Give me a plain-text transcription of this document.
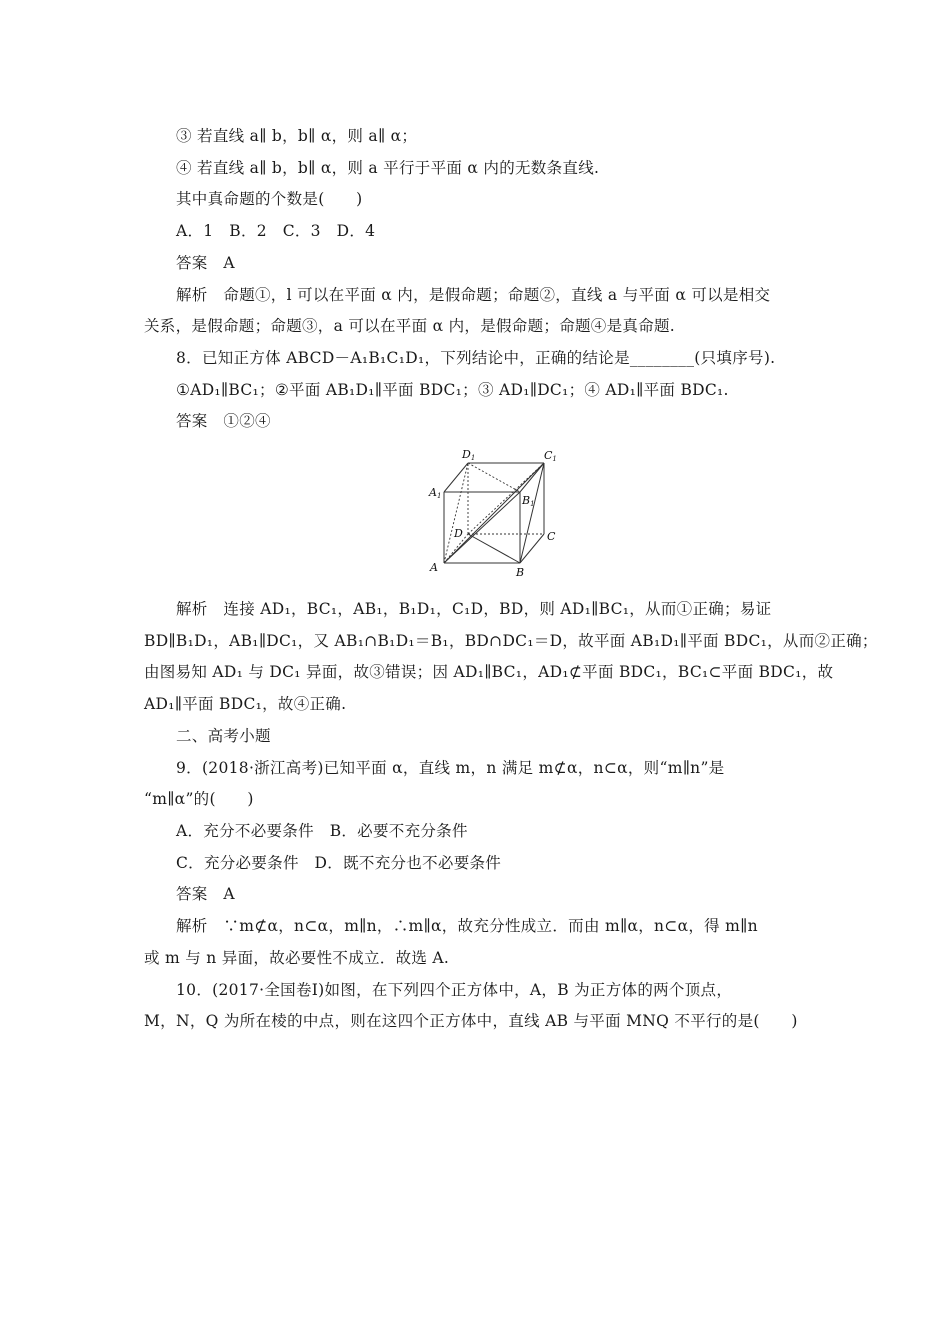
③ 若直线 a∥ b，b∥ α，则 a∥ α；
④ 若直线 a∥ b，b∥ α，则 a 平行于平面 α 内的无数条直线.
其中真命题的个数是(　　)
A．1　B．2　C．3　D．4
答案　A
解析　命题①，l 可以在平面 α 内，是假命题；命题②，直线 a 与平面 α 可以是相交
关系，是假命题；命题③，a 可以在平面 α 内，是假命题；命题④是真命题.
8．已知正方体 ABCD－A₁B₁C₁D₁，下列结论中，正确的结论是________(只填序号).
①AD₁∥BC₁；②平面 AB₁D₁∥平面 BDC₁；③ AD₁∥DC₁；④ AD₁∥平面 BDC₁.
答案　①②④
A	B
C
D
A1	B1
C1
D1
解析　连接 AD₁，BC₁，AB₁，B₁D₁，C₁D，BD，则 AD₁∥BC₁，从而①正确；易证
BD∥B₁D₁，AB₁∥DC₁，又 AB₁∩B₁D₁＝B₁，BD∩DC₁＝D，故平面 AB₁D₁∥平面 BDC₁，从而②正确；
由图易知 AD₁ 与 DC₁ 异面，故③错误；因 AD₁∥BC₁，AD₁⊄平面 BDC₁，BC₁⊂平面 BDC₁，故
AD₁∥平面 BDC₁，故④正确.
二、高考小题
9．(2018·浙江高考)已知平面 α，直线 m，n 满足 m⊄α，n⊂α，则“m∥n”是
“m∥α”的(　　)
A．充分不必要条件　B．必要不充分条件
C．充分必要条件　D．既不充分也不必要条件
答案　A
解析　∵m⊄α，n⊂α，m∥n，∴m∥α，故充分性成立．而由 m∥α，n⊂α，得 m∥n
或 m 与 n 异面，故必要性不成立．故选 A.
10．(2017·全国卷Ⅰ)如图，在下列四个正方体中，A，B 为正方体的两个顶点，
M，N，Q 为所在棱的中点，则在这四个正方体中，直线 AB 与平面 MNQ 不平行的是(　　)
